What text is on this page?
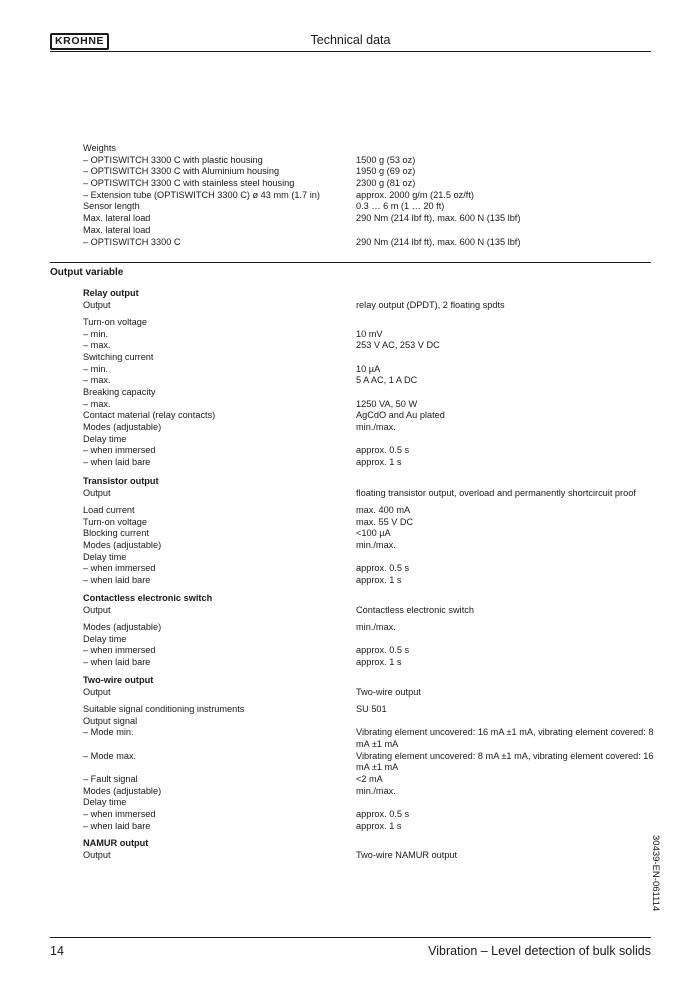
KROHNE	Technical data
Weights
– OPTISWITCH 3300 C with plastic housing	1500 g (53 oz)
– OPTISWITCH 3300 C with Aluminium housing	1950 g (69 oz)
– OPTISWITCH 3300 C with stainless steel housing	2300 g (81 oz)
– Extension tube (OPTISWITCH 3300 C) ø 43 mm (1.7 in)	approx. 2000 g/m (21.5 oz/ft)
Sensor length	0.3 … 6 m (1 … 20 ft)
Max. lateral load	290 Nm (214 lbf ft), max. 600 N (135 lbf)
Max. lateral load
– OPTISWITCH 3300 C	290 Nm (214 lbf ft), max. 600 N (135 lbf)
Output variable
Relay output
Output	relay output (DPDT), 2 floating spdts
Turn-on voltage
– min.	10 mV
– max.	253 V AC, 253 V DC
Switching current
– min.	10 µA
– max.	5 A AC, 1 A DC
Breaking capacity
– max.	1250 VA, 50 W
Contact material (relay contacts)	AgCdO and Au plated
Modes (adjustable)	min./max.
Delay time
– when immersed	approx. 0.5 s
– when laid bare	approx. 1 s
Transistor output
Output	floating transistor output, overload and permanently shortcircuit proof
Load current	max. 400 mA
Turn-on voltage	max. 55 V DC
Blocking current	<100 µA
Modes (adjustable)	min./max.
Delay time
– when immersed	approx. 0.5 s
– when laid bare	approx. 1 s
Contactless electronic switch
Output	Contactless electronic switch
Modes (adjustable)	min./max.
Delay time
– when immersed	approx. 0.5 s
– when laid bare	approx. 1 s
Two-wire output
Output	Two-wire output
Suitable signal conditioning instruments	SU 501
Output signal
– Mode min.	Vibrating element uncovered: 16 mA ±1 mA, vibrating element covered: 8 mA ±1 mA
– Mode max.	Vibrating element uncovered: 8 mA ±1 mA, vibrating element covered: 16 mA ±1 mA
– Fault signal	<2 mA
Modes (adjustable)	min./max.
Delay time
– when immersed	approx. 0.5 s
– when laid bare	approx. 1 s
NAMUR output
Output	Two-wire NAMUR output	30439-EN-061114
14	Vibration – Level detection of bulk solids
